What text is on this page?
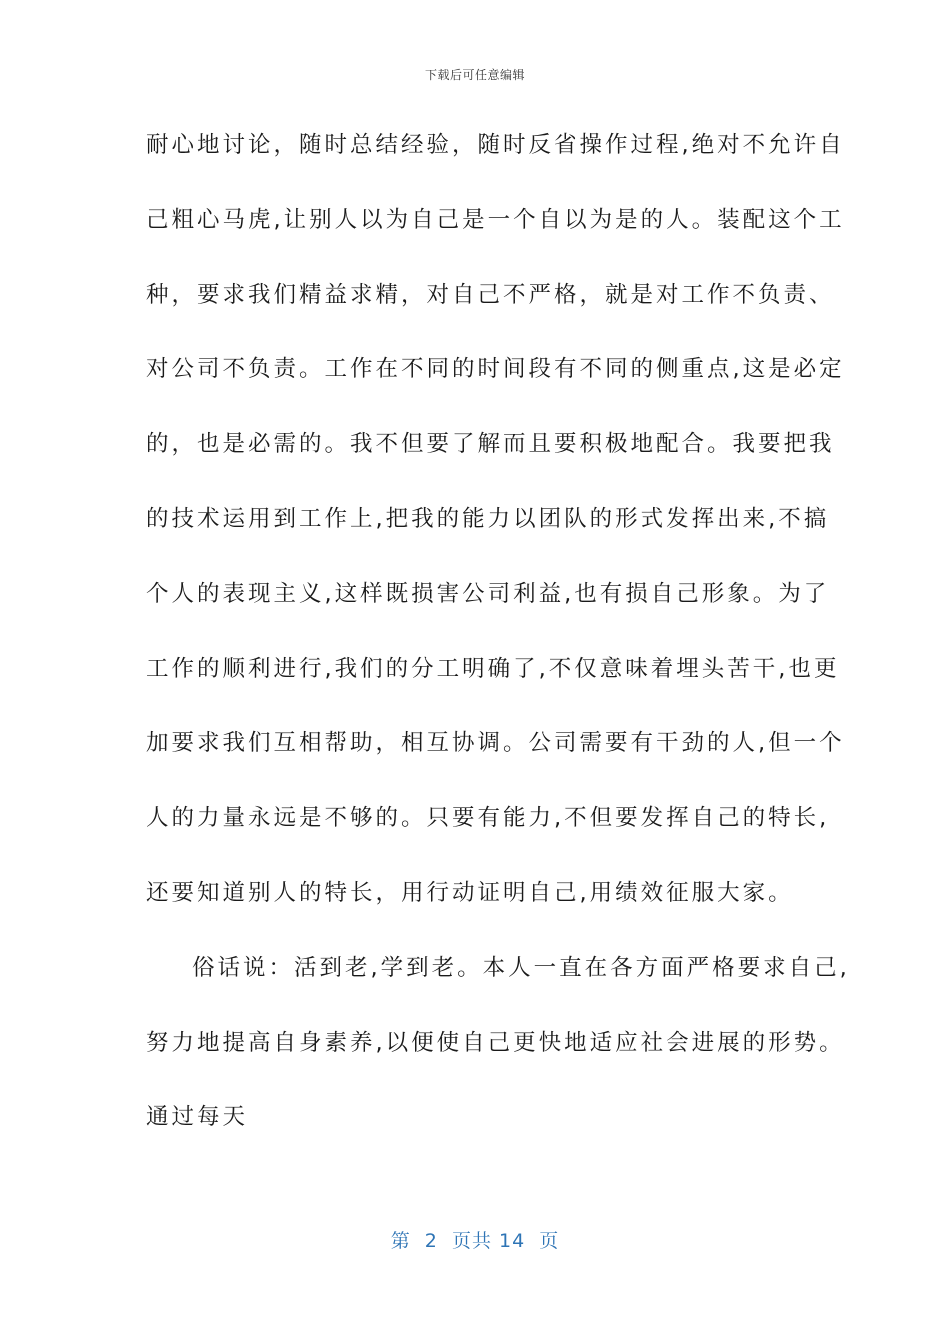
下载后可任意编辑
耐心地讨论，随时总结经验，随时反省操作过程,绝对不允许自
己粗心马虎,让别人以为自己是一个自以为是的人。装配这个工
种，要求我们精益求精，对自己不严格，就是对工作不负责、
对公司不负责。工作在不同的时间段有不同的侧重点,这是必定
的，也是必需的。我不但要了解而且要积极地配合。我要把我
的技术运用到工作上,把我的能力以团队的形式发挥出来,不搞
个人的表现主义,这样既损害公司利益,也有损自己形象。为了
工作的顺利进行,我们的分工明确了,不仅意味着埋头苦干,也更
加要求我们互相帮助，相互协调。公司需要有干劲的人,但一个
人的力量永远是不够的。只要有能力,不但要发挥自己的特长,
还要知道别人的特长，用行动证明自己,用绩效征服大家。
俗话说：活到老,学到老。本人一直在各方面严格要求自己,
努力地提高自身素养,以便使自己更快地适应社会进展的形势。
通过每天
第  2  页共 14  页
